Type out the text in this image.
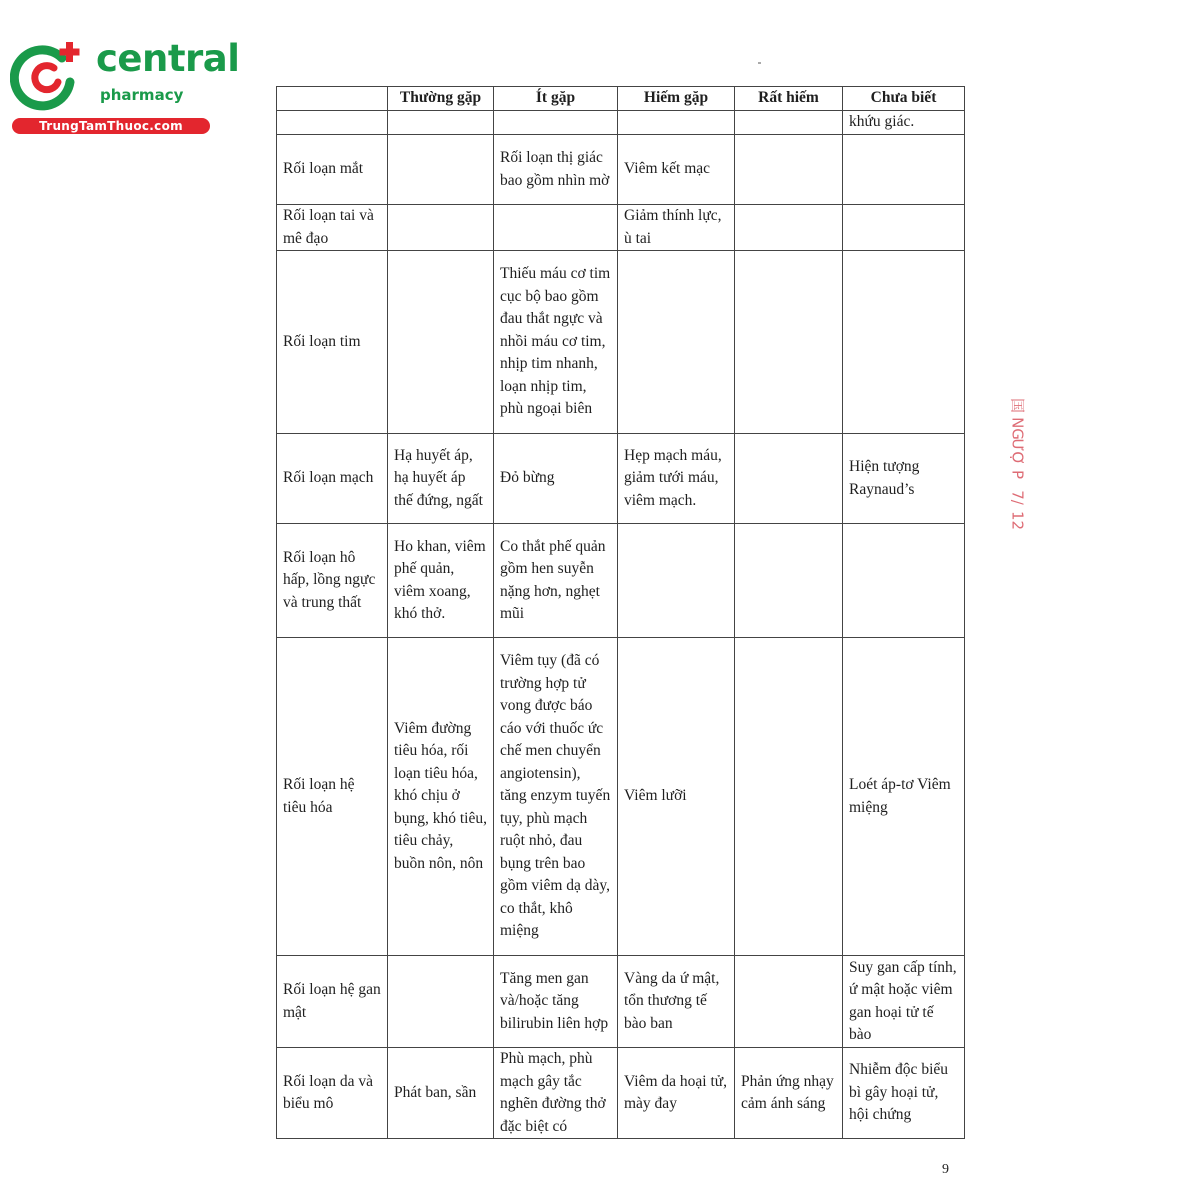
central
pharmacy
TrungTamThuoc.com
	Thường gặp	Ít gặp	Hiếm gặp	Rất hiếm	Chưa biết
					khứu giác.
Rối loạn mắt		Rối loạn thị giác bao gồm nhìn mờ	Viêm kết mạc		
Rối loạn tai và mê đạo			Giảm thính lực, ù tai		
Rối loạn tim		Thiếu máu cơ tim cục bộ bao gồm đau thắt ngực và nhồi máu cơ tim, nhịp tim nhanh, loạn nhịp tim, phù ngoại biên			
Rối loạn mạch	Hạ huyết áp, hạ huyết áp thế đứng, ngất	Đỏ bừng	Hẹp mạch máu, giảm tưới máu, viêm mạch.		Hiện tượng Raynaud’s
Rối loạn hô hấp, lồng ngực và trung thất	Ho khan, viêm phế quản, viêm xoang, khó thở.	Co thắt phế quản gồm hen suyễn nặng hơn, nghẹt mũi			
Rối loạn hệ tiêu hóa	Viêm đường tiêu hóa, rối loạn tiêu hóa, khó chịu ở bụng, khó tiêu, tiêu chảy, buồn nôn, nôn	Viêm tụy (đã có trường hợp tử vong được báo cáo với thuốc ức chế men chuyển angiotensin), tăng enzym tuyến tụy, phù mạch ruột nhỏ, đau bụng trên bao gồm viêm dạ dày, co thắt, khô miệng	Viêm lưỡi		Loét áp-tơ Viêm miệng
Rối loạn hệ gan mật		Tăng men gan và/hoặc tăng bilirubin liên hợp	Vàng da ứ mật, tổn thương tế bào ban		Suy gan cấp tính, ứ mật hoặc viêm gan hoại tử tế bào
Rối loạn da và biểu mô	Phát ban, sần	Phù mạch, phù mạch gây tắc nghẽn đường thở đặc biệt có	Viêm da hoại tử, mày đay	Phản ứng nhạy cảm ánh sáng	Nhiễm độc biểu bì gây hoại tử, hội chứng
国
NG
ƯỢ
P
7/
12
9
